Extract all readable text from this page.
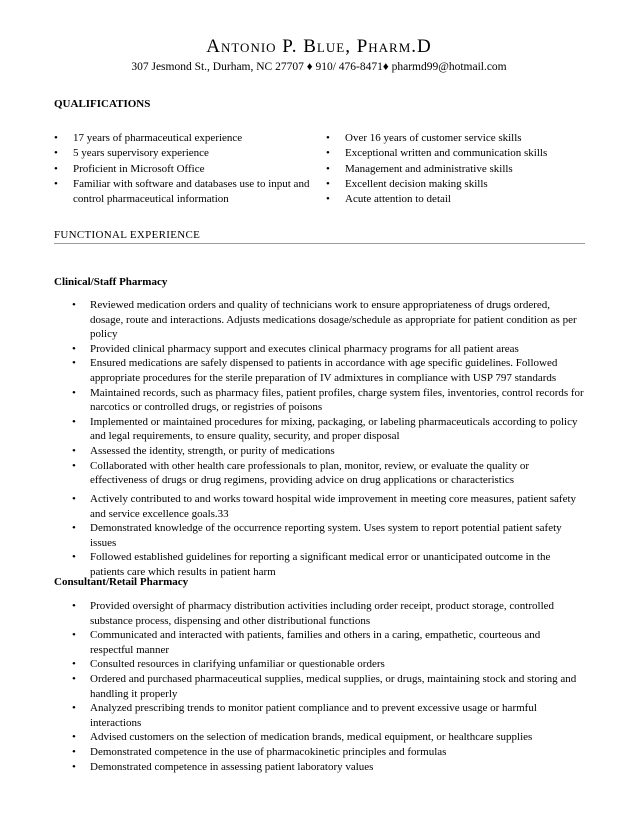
Antonio P. Blue, Pharm.D
307 Jesmond St., Durham, NC 27707 ♦ 910/ 476-8471♦ pharmd99@hotmail.com
QUALIFICATIONS
• 17 years of pharmaceutical experience
• 5 years supervisory experience
• Proficient in Microsoft Office
• Familiar with software and databases use to input and control pharmaceutical information
• Over 16 years of customer service skills
• Exceptional written and communication skills
• Management and administrative skills
• Excellent decision making skills
• Acute attention to detail
FUNCTIONAL EXPERIENCE
Clinical/Staff Pharmacy
• Reviewed medication orders and quality of technicians work to ensure appropriateness of drugs ordered, dosage, route and interactions. Adjusts medications dosage/schedule as appropriate for patient condition as per policy
• Provided clinical pharmacy support and executes clinical pharmacy programs for all patient areas
• Ensured medications are safely dispensed to patients in accordance with age specific guidelines. Followed appropriate procedures for the sterile preparation of IV admixtures in compliance with USP 797 standards
• Maintained records, such as pharmacy files, patient profiles, charge system files, inventories, control records for narcotics or controlled drugs, or registries of poisons
• Implemented or maintained procedures for mixing, packaging, or labeling pharmaceuticals according to policy and legal requirements, to ensure quality, security, and proper disposal
• Assessed the identity, strength, or purity of medications
• Collaborated with other health care professionals to plan, monitor, review, or evaluate the quality or effectiveness of drugs or drug regimens, providing advice on drug applications or characteristics
• Actively contributed to and works toward hospital wide improvement in meeting core measures, patient safety and service excellence goals.33
• Demonstrated knowledge of the occurrence reporting system. Uses system to report potential patient safety issues
• Followed established guidelines for reporting a significant medical error or unanticipated outcome in the patients care which results in patient harm
Consultant/Retail Pharmacy
• Provided oversight of pharmacy distribution activities including order receipt, product storage, controlled substance process, dispensing and other distributional functions
• Communicated and interacted with patients, families and others in a caring, empathetic, courteous and respectful manner
• Consulted resources in clarifying unfamiliar or questionable orders
• Ordered and purchased pharmaceutical supplies, medical supplies, or drugs, maintaining stock and storing and handling it properly
• Analyzed prescribing trends to monitor patient compliance and to prevent excessive usage or harmful interactions
• Advised customers on the selection of medication brands, medical equipment, or healthcare supplies
• Demonstrated competence in the use of pharmacokinetic principles and formulas
• Demonstrated competence in assessing patient laboratory values
